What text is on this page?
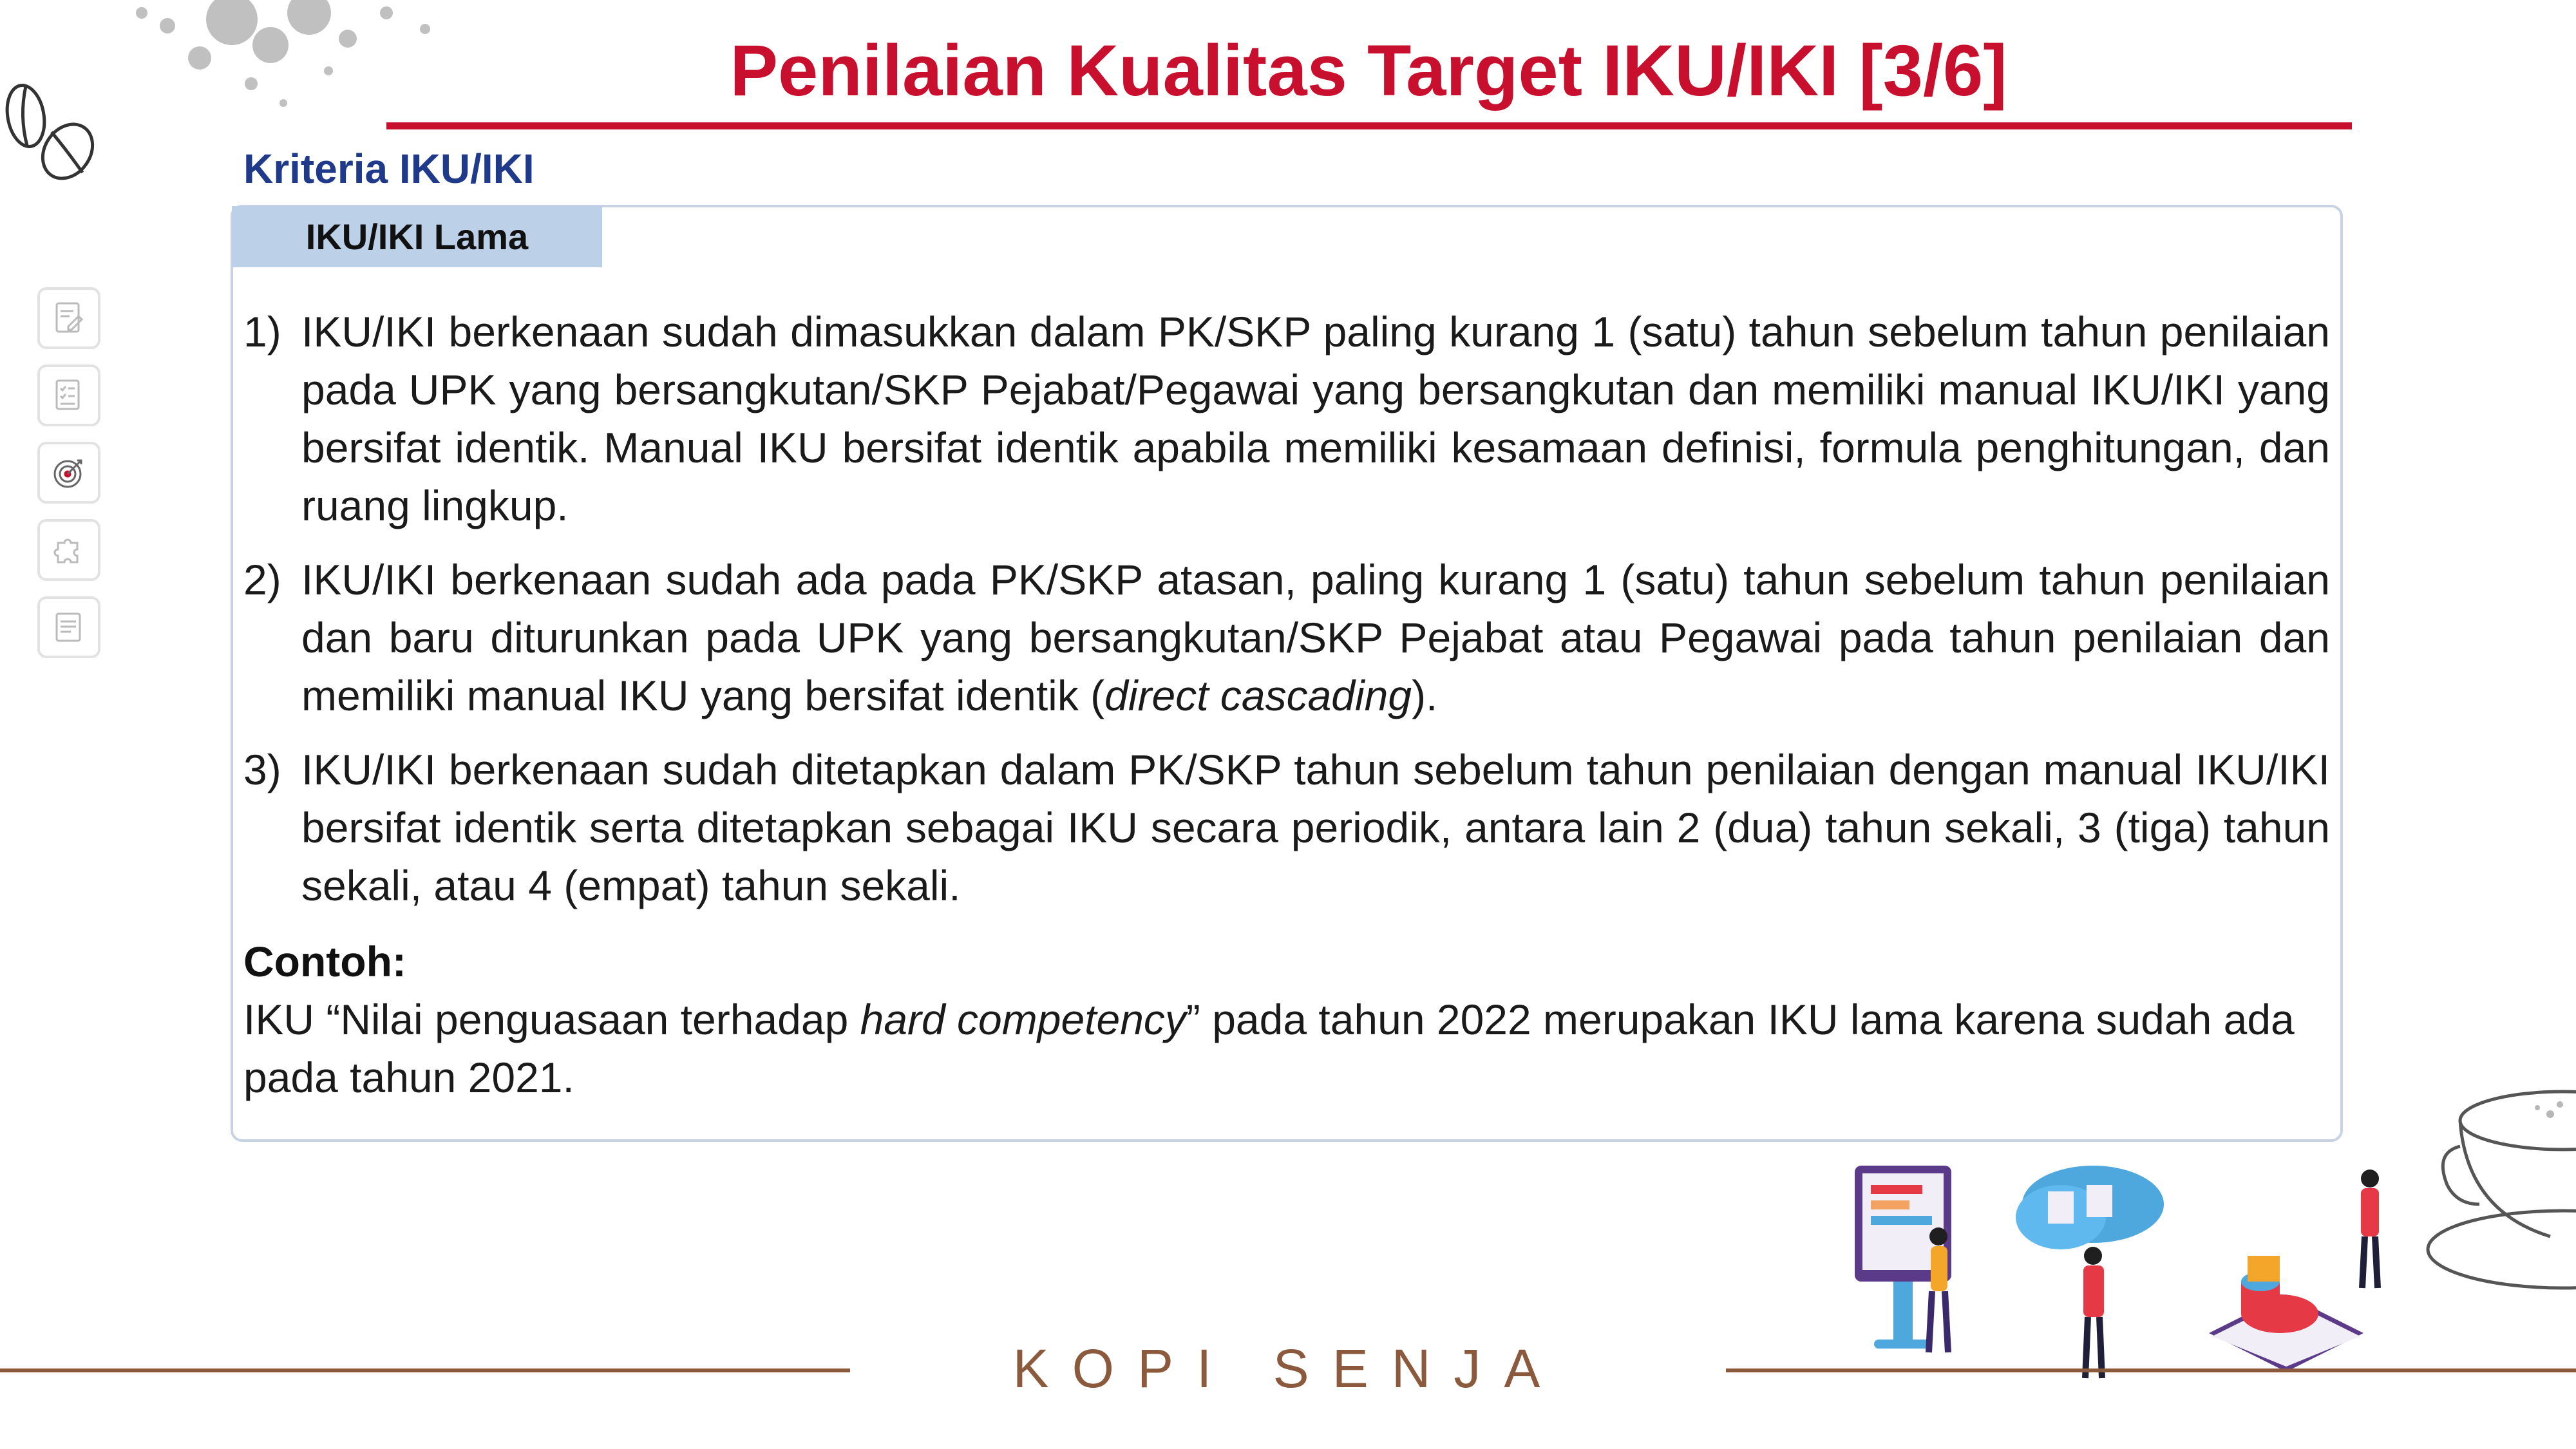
Penilaian Kualitas Target IKU/IKI [3/6]
Kriteria IKU/IKI
IKU/IKI Lama
1) IKU/IKI berkenaan sudah dimasukkan dalam PK/SKP paling kurang 1 (satu) tahun sebelum tahun penilaian pada UPK yang bersangkutan/SKP Pejabat/Pegawai yang bersangkutan dan memiliki manual IKU/IKI yang bersifat identik. Manual IKU bersifat identik apabila memiliki kesamaan definisi, formula penghitungan, dan ruang lingkup.
2) IKU/IKI berkenaan sudah ada pada PK/SKP atasan, paling kurang 1 (satu) tahun sebelum tahun penilaian dan baru diturunkan pada UPK yang bersangkutan/SKP Pejabat atau Pegawai pada tahun penilaian dan memiliki manual IKU yang bersifat identik (direct cascading).
3) IKU/IKI berkenaan sudah ditetapkan dalam PK/SKP tahun sebelum tahun penilaian dengan manual IKU/IKI bersifat identik serta ditetapkan sebagai IKU secara periodik, antara lain 2 (dua) tahun sekali, 3 (tiga) tahun sekali, atau 4 (empat) tahun sekali.
Contoh:
IKU “Nilai penguasaan terhadap hard competency” pada tahun 2022 merupakan IKU lama karena sudah ada pada tahun 2021.
KOPI SENJA
